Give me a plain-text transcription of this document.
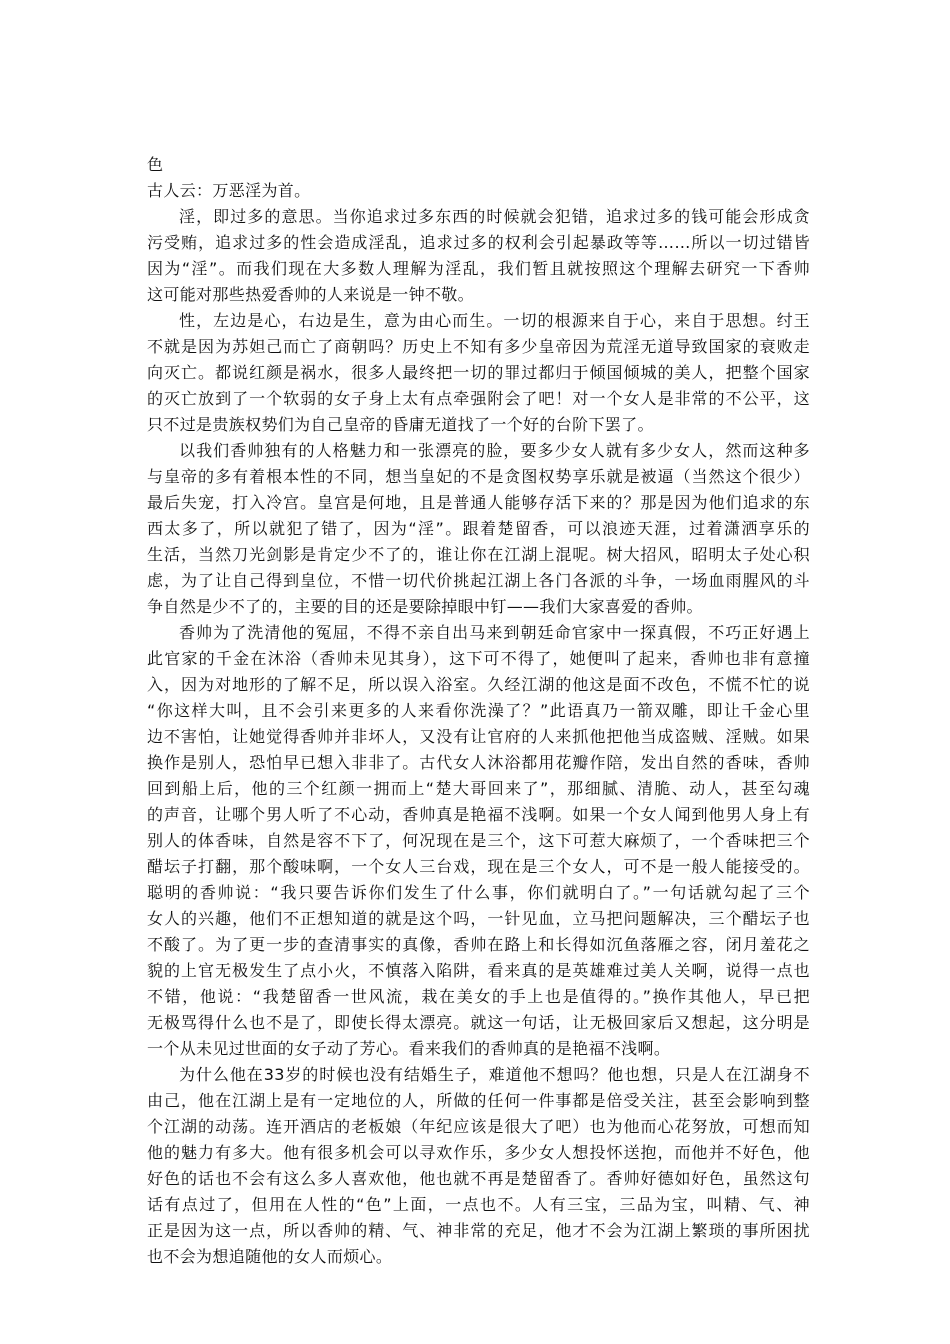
色
古人云：万恶淫为首。
淫，即过多的意思。当你追求过多东西的时候就会犯错，追求过多的钱可能会形成贪
污受贿，追求过多的性会造成淫乱，追求过多的权利会引起暴政等等……所以一切过错皆
因为“淫”。而我们现在大多数人理解为淫乱，我们暂且就按照这个理解去研究一下香帅
这可能对那些热爱香帅的人来说是一钟不敬。
性，左边是心，右边是生，意为由心而生。一切的根源来自于心，来自于思想。纣王
不就是因为苏妲己而亡了商朝吗？历史上不知有多少皇帝因为荒淫无道导致国家的衰败走
向灭亡。都说红颜是祸水，很多人最终把一切的罪过都归于倾国倾城的美人，把整个国家
的灭亡放到了一个软弱的女子身上太有点牵强附会了吧！对一个女人是非常的不公平，这
只不过是贵族权势们为自己皇帝的昏庸无道找了一个好的台阶下罢了。
以我们香帅独有的人格魅力和一张漂亮的脸，要多少女人就有多少女人，然而这种多
与皇帝的多有着根本性的不同，想当皇妃的不是贪图权势享乐就是被逼（当然这个很少）
最后失宠，打入冷宫。皇宫是何地，且是普通人能够存活下来的？那是因为他们追求的东
西太多了，所以就犯了错了，因为“淫”。跟着楚留香，可以浪迹天涯，过着潇洒享乐的
生活，当然刀光剑影是肯定少不了的，谁让你在江湖上混呢。树大招风，昭明太子处心积
虑，为了让自己得到皇位，不惜一切代价挑起江湖上各门各派的斗争，一场血雨腥风的斗
争自然是少不了的，主要的目的还是要除掉眼中钉——我们大家喜爱的香帅。
香帅为了洗清他的冤屈，不得不亲自出马来到朝廷命官家中一探真假，不巧正好遇上
此官家的千金在沐浴（香帅未见其身），这下可不得了，她便叫了起来，香帅也非有意撞
入，因为对地形的了解不足，所以误入浴室。久经江湖的他这是面不改色，不慌不忙的说
“你这样大叫，且不会引来更多的人来看你洗澡了？”此语真乃一箭双雕，即让千金心里
边不害怕，让她觉得香帅并非坏人，又没有让官府的人来抓他把他当成盗贼、淫贼。如果
换作是别人，恐怕早已想入非非了。古代女人沐浴都用花瓣作陪，发出自然的香味，香帅
回到船上后，他的三个红颜一拥而上“楚大哥回来了”，那细腻、清脆、动人，甚至勾魂
的声音，让哪个男人听了不心动，香帅真是艳福不浅啊。如果一个女人闻到他男人身上有
别人的体香味，自然是容不下了，何况现在是三个，这下可惹大麻烦了，一个香味把三个
醋坛子打翻，那个酸味啊，一个女人三台戏，现在是三个女人，可不是一般人能接受的。
聪明的香帅说：“我只要告诉你们发生了什么事，你们就明白了。”一句话就勾起了三个
女人的兴趣，他们不正想知道的就是这个吗，一针见血，立马把问题解决，三个醋坛子也
不酸了。为了更一步的查清事实的真像，香帅在路上和长得如沉鱼落雁之容，闭月羞花之
貌的上官无极发生了点小火，不慎落入陷阱，看来真的是英雄难过美人关啊，说得一点也
不错，他说：“我楚留香一世风流，栽在美女的手上也是值得的。”换作其他人，早已把
无极骂得什么也不是了，即使长得太漂亮。就这一句话，让无极回家后又想起，这分明是
一个从未见过世面的女子动了芳心。看来我们的香帅真的是艳福不浅啊。
为什么他在33岁的时候也没有结婚生子，难道他不想吗？他也想，只是人在江湖身不
由己，他在江湖上是有一定地位的人，所做的任何一件事都是倍受关注，甚至会影响到整
个江湖的动荡。连开酒店的老板娘（年纪应该是很大了吧）也为他而心花努放，可想而知
他的魅力有多大。他有很多机会可以寻欢作乐，多少女人想投怀送抱，而他并不好色，他
好色的话也不会有这么多人喜欢他，他也就不再是楚留香了。香帅好德如好色，虽然这句
话有点过了，但用在人性的“色”上面，一点也不。人有三宝，三品为宝，叫精、气、神
正是因为这一点，所以香帅的精、气、神非常的充足，他才不会为江湖上繁琐的事所困扰
也不会为想追随他的女人而烦心。
